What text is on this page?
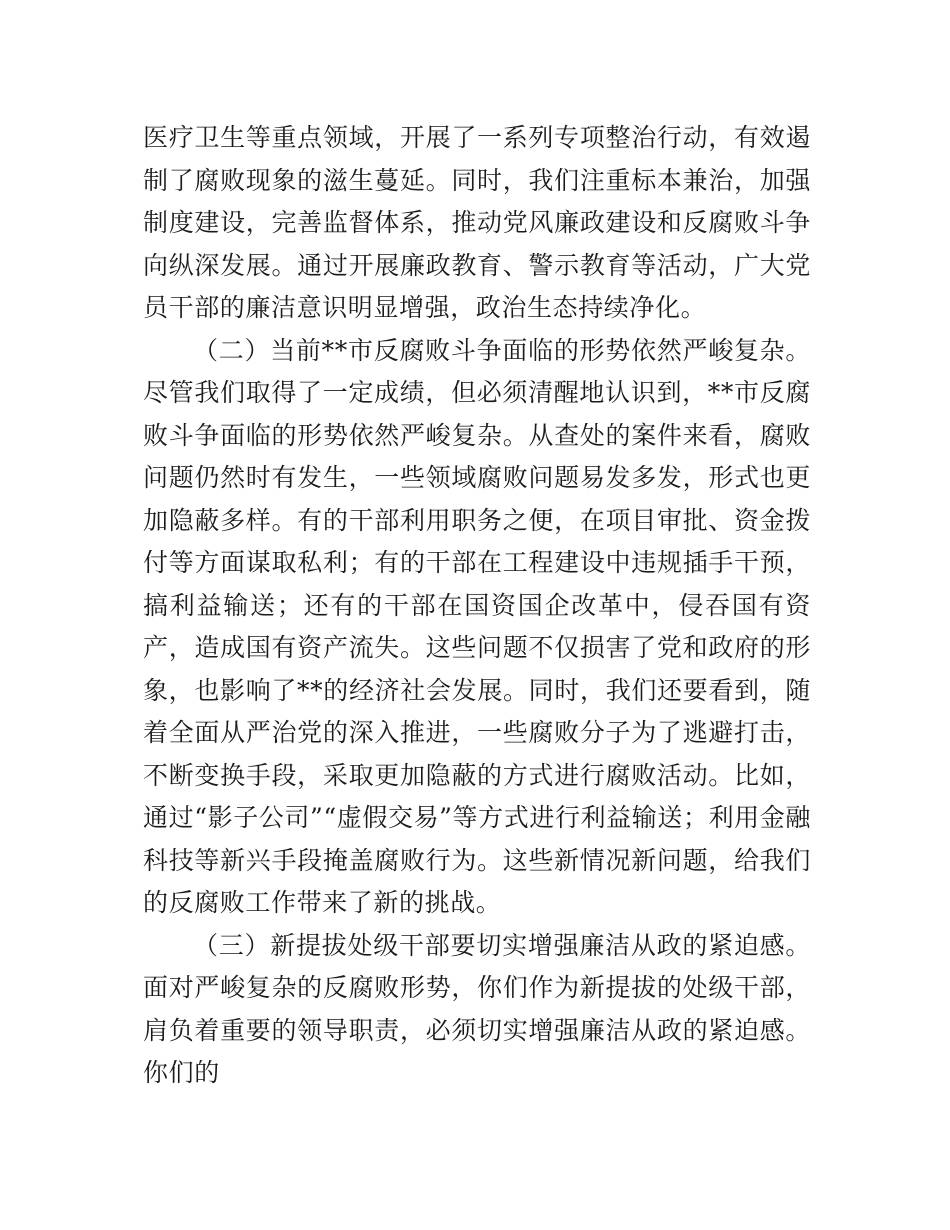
医疗卫生等重点领域，开展了一系列专项整治行动，有效遏制了腐败现象的滋生蔓延。同时，我们注重标本兼治，加强制度建设，完善监督体系，推动党风廉政建设和反腐败斗争向纵深发展。通过开展廉政教育、警示教育等活动，广大党员干部的廉洁意识明显增强，政治生态持续净化。

（二）当前**市反腐败斗争面临的形势依然严峻复杂。尽管我们取得了一定成绩，但必须清醒地认识到，**市反腐败斗争面临的形势依然严峻复杂。从查处的案件来看，腐败问题仍然时有发生，一些领域腐败问题易发多发，形式也更加隐蔽多样。有的干部利用职务之便，在项目审批、资金拨付等方面谋取私利；有的干部在工程建设中违规插手干预，搞利益输送；还有的干部在国资国企改革中，侵吞国有资产，造成国有资产流失。这些问题不仅损害了党和政府的形象，也影响了**的经济社会发展。同时，我们还要看到，随着全面从严治党的深入推进，一些腐败分子为了逃避打击，不断变换手段，采取更加隐蔽的方式进行腐败活动。比如，通过“影子公司”“虚假交易”等方式进行利益输送；利用金融科技等新兴手段掩盖腐败行为。这些新情况新问题，给我们的反腐败工作带来了新的挑战。

（三）新提拔处级干部要切实增强廉洁从政的紧迫感。面对严峻复杂的反腐败形势，你们作为新提拔的处级干部，肩负着重要的领导职责，必须切实增强廉洁从政的紧迫感。你们的
